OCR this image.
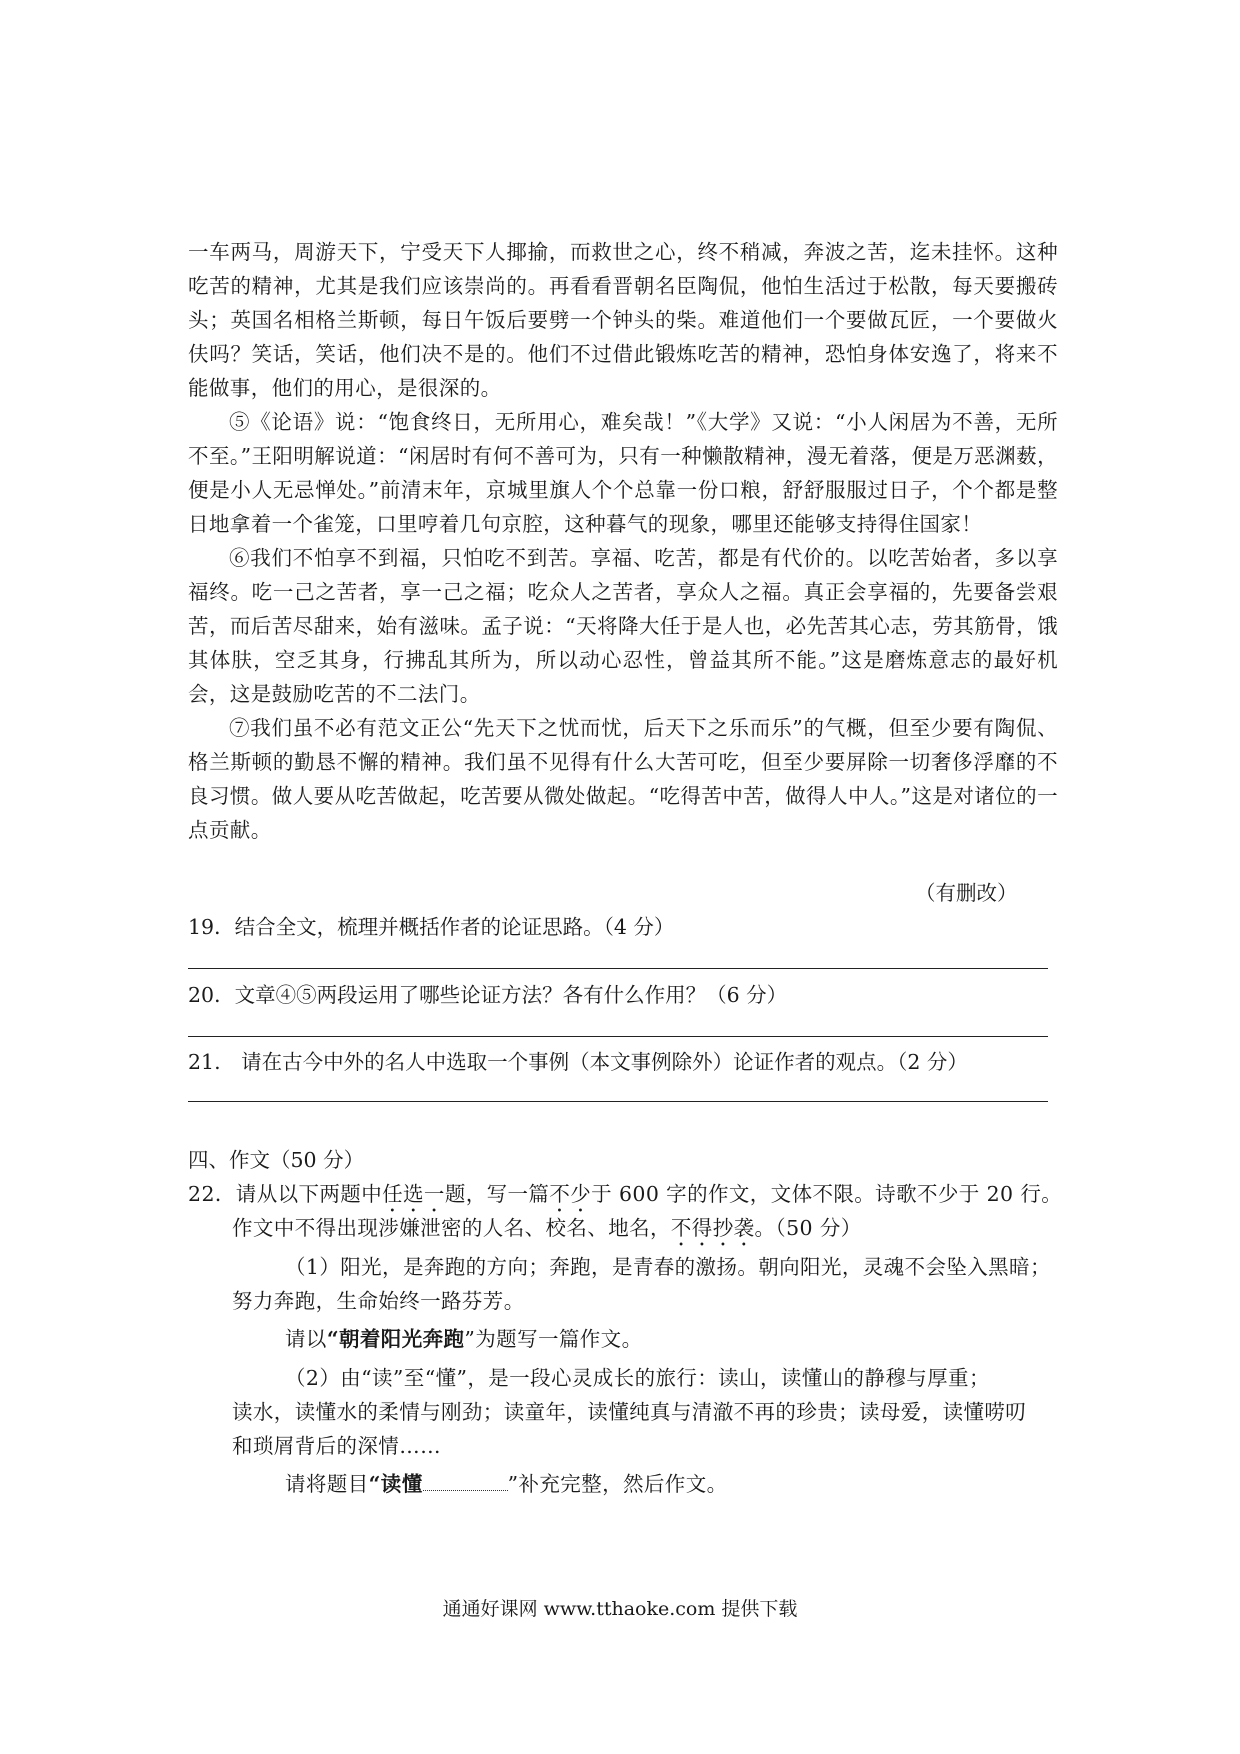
一车两马，周游天下，宁受天下人揶揄，而救世之心，终不稍减，奔波之苦，迄未挂怀。这种吃苦的精神，尤其是我们应该崇尚的。再看看晋朝名臣陶侃，他怕生活过于松散，每天要搬砖头；英国名相格兰斯顿，每日午饭后要劈一个钟头的柴。难道他们一个要做瓦匠，一个要做火伕吗？笑话，笑话，他们决不是的。他们不过借此锻炼吃苦的精神，恐怕身体安逸了，将来不能做事，他们的用心，是很深的。

⑤《论语》说：“饱食终日，无所用心，难矣哉！”《大学》又说：“小人闲居为不善，无所不至。”王阳明解说道：“闲居时有何不善可为，只有一种懒散精神，漫无着落，便是万恶渊薮，便是小人无忌惮处。”前清末年，京城里旗人个个总靠一份口粮，舒舒服服过日子，个个都是整日地拿着一个雀笼，口里哼着几句京腔，这种暮气的现象，哪里还能够支持得住国家！

⑥我们不怕享不到福，只怕吃不到苦。享福、吃苦，都是有代价的。以吃苦始者，多以享福终。吃一己之苦者，享一己之福；吃众人之苦者，享众人之福。真正会享福的，先要备尝艰苦，而后苦尽甜来，始有滋味。孟子说：“天将降大任于是人也，必先苦其心志，劳其筋骨，饿其体肤，空乏其身，行拂乱其所为，所以动心忍性，曾益其所不能。”这是磨炼意志的最好机会，这是鼓励吃苦的不二法门。

⑦我们虽不必有范文正公“先天下之忧而忧，后天下之乐而乐”的气概，但至少要有陶侃、格兰斯顿的勤恳不懈的精神。我们虽不见得有什么大苦可吃，但至少要屏除一切奢侈浮靡的不良习惯。做人要从吃苦做起，吃苦要从微处做起。“吃得苦中苦，做得人中人。”这是对诸位的一点贡献。

（有删改）
19．结合全文，梳理并概括作者的论证思路。（4 分）
20．文章④⑤两段运用了哪些论证方法？各有什么作用？（6 分）
21.　请在古今中外的名人中选取一个事例（本文事例除外）论证作者的观点。（2 分）
四、作文（50 分）
22．请从以下两题中任选一题，写一篇不少于 600 字的作文，文体不限。诗歌不少于 20 行。
作文中不得出现涉嫌泄密的人名、校名、地名，不得抄袭。（50 分）
（1）阳光，是奔跑的方向；奔跑，是青春的激扬。朝向阳光，灵魂不会坠入黑暗；
努力奔跑，生命始终一路芬芳。
请以“朝着阳光奔跑”为题写一篇作文。
（2）由“读”至“懂”，是一段心灵成长的旅行：读山，读懂山的静穆与厚重；
读水，读懂水的柔情与刚劲；读童年，读懂纯真与清澈不再的珍贵；读母爱，读懂唠叨
和琐屑背后的深情……
请将题目“读懂	”补充完整，然后作文。
通通好课网 www.tthaoke.com 提供下载
